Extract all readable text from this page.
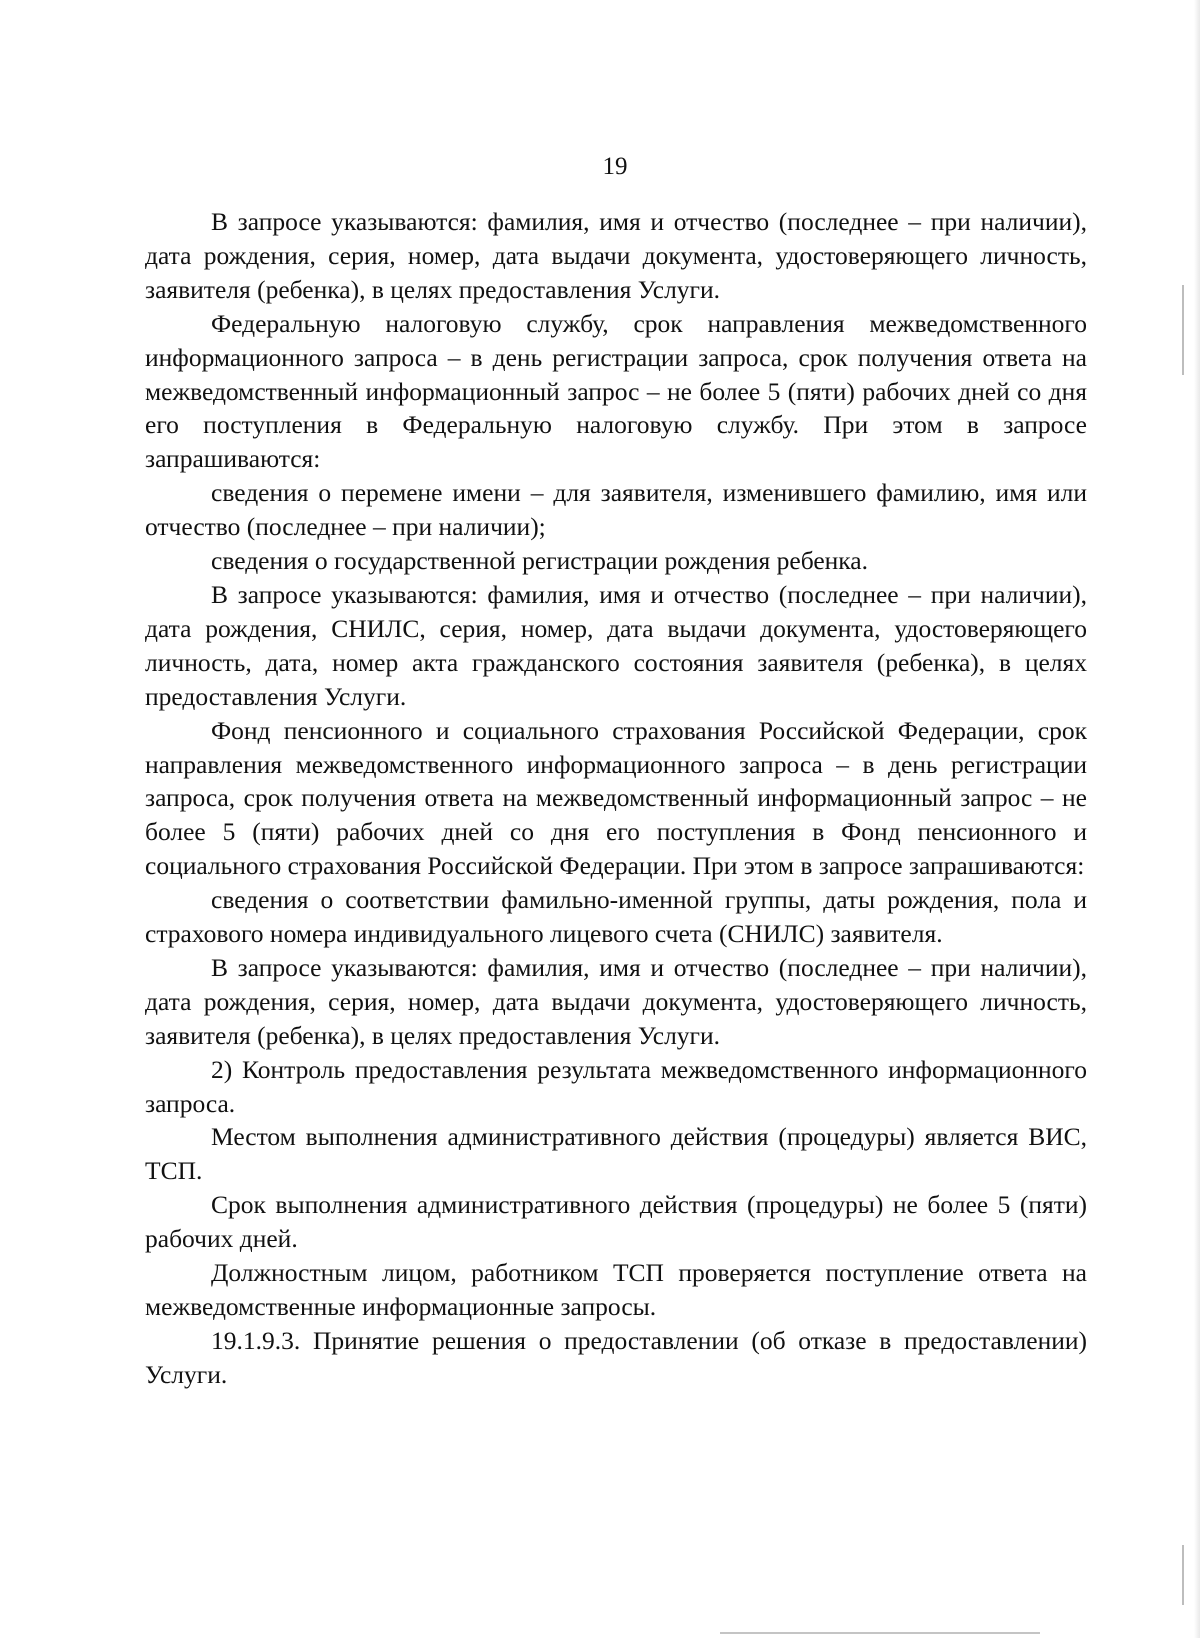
19

В запросе указываются: фамилия, имя и отчество (последнее – при наличии), дата рождения, серия, номер, дата выдачи документа, удостоверяющего личность, заявителя (ребенка), в целях предоставления Услуги.

Федеральную налоговую службу, срок направления межведомственного информационного запроса – в день регистрации запроса, срок получения ответа на межведомственный информационный запрос – не более 5 (пяти) рабочих дней со дня его поступления в Федеральную налоговую службу. При этом в запросе запрашиваются:

сведения о перемене имени – для заявителя, изменившего фамилию, имя или отчество (последнее – при наличии);

сведения о государственной регистрации рождения ребенка.

В запросе указываются: фамилия, имя и отчество (последнее – при наличии), дата рождения, СНИЛС, серия, номер, дата выдачи документа, удостоверяющего личность, дата, номер акта гражданского состояния заявителя (ребенка), в целях предоставления Услуги.

Фонд пенсионного и социального страхования Российской Федерации, срок направления межведомственного информационного запроса – в день регистрации запроса, срок получения ответа на межведомственный информационный запрос – не более 5 (пяти) рабочих дней со дня его поступления в Фонд пенсионного и социального страхования Российской Федерации. При этом в запросе запрашиваются:

сведения о соответствии фамильно-именной группы, даты рождения, пола и страхового номера индивидуального лицевого счета (СНИЛС) заявителя.

В запросе указываются: фамилия, имя и отчество (последнее – при наличии), дата рождения, серия, номер, дата выдачи документа, удостоверяющего личность, заявителя (ребенка), в целях предоставления Услуги.

2) Контроль предоставления результата межведомственного информационного запроса.

Местом выполнения административного действия (процедуры) является ВИС, ТСП.

Срок выполнения административного действия (процедуры) не более 5 (пяти) рабочих дней.

Должностным лицом, работником ТСП проверяется поступление ответа на межведомственные информационные запросы.

19.1.9.3. Принятие решения о предоставлении (об отказе в предоставлении) Услуги.
